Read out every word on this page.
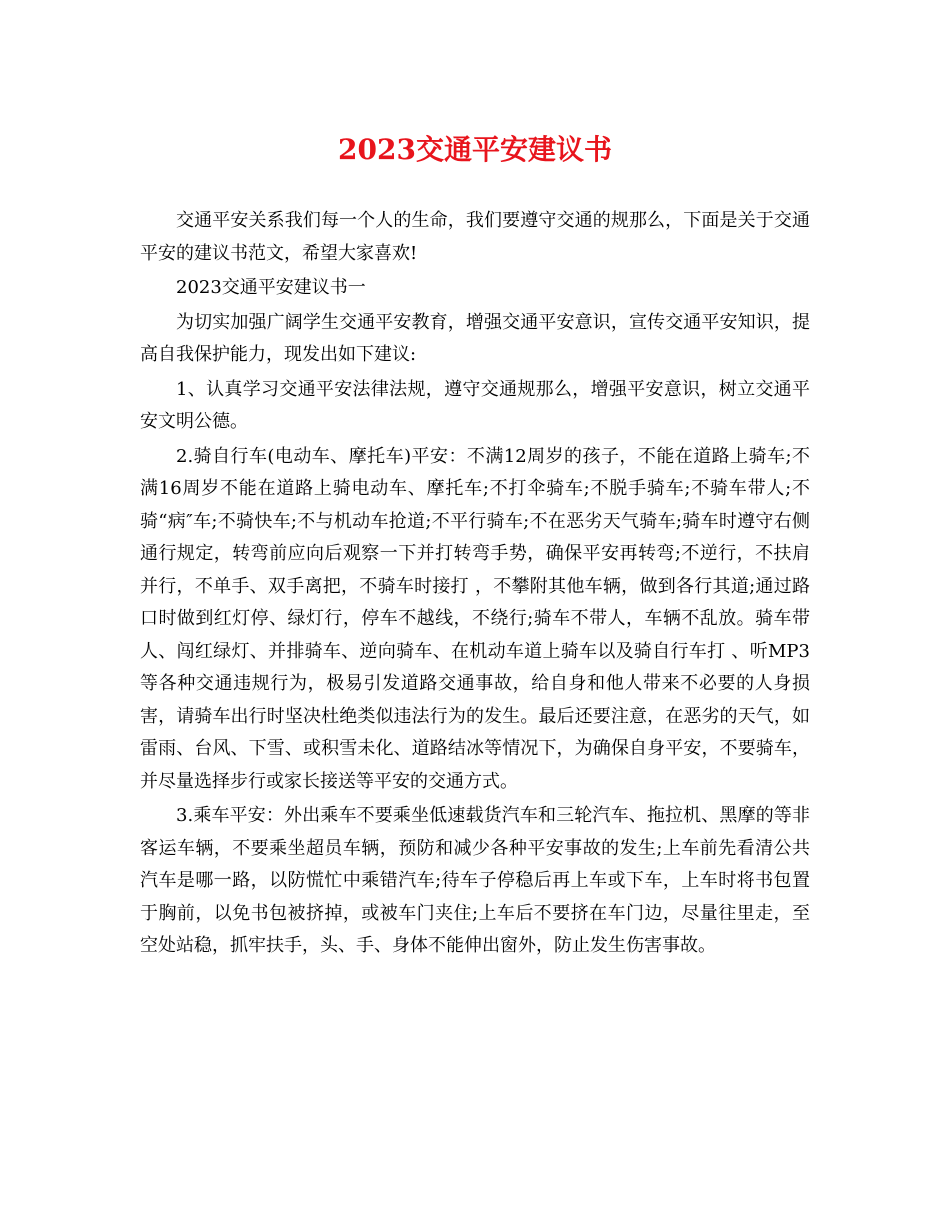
2023交通平安建议书

交通平安关系我们每一个人的生命，我们要遵守交通的规那么，下面是关于交通平安的建议书范文，希望大家喜欢!

2023交通平安建议书一

为切实加强广阔学生交通平安教育，增强交通平安意识，宣传交通平安知识，提高自我保护能力，现发出如下建议:

1、认真学习交通平安法律法规，遵守交通规那么，增强平安意识，树立交通平安文明公德。

2.骑自行车(电动车、摩托车)平安：不满12周岁的孩子，不能在道路上骑车;不满16周岁不能在道路上骑电动车、摩托车;不打伞骑车;不脱手骑车;不骑车带人;不骑“病″车;不骑快车;不与机动车抢道;不平行骑车;不在恶劣天气骑车;骑车时遵守右侧通行规定，转弯前应向后观察一下并打转弯手势，确保平安再转弯;不逆行，不扶肩并行，不单手、双手离把，不骑车时接打 ，不攀附其他车辆，做到各行其道;通过路口时做到红灯停、绿灯行，停车不越线，不绕行;骑车不带人，车辆不乱放。骑车带人、闯红绿灯、并排骑车、逆向骑车、在机动车道上骑车以及骑自行车打 、听MP3等各种交通违规行为，极易引发道路交通事故，给自身和他人带来不必要的人身损害，请骑车出行时坚决杜绝类似违法行为的发生。最后还要注意，在恶劣的天气，如雷雨、台风、下雪、或积雪未化、道路结冰等情况下，为确保自身平安，不要骑车，并尽量选择步行或家长接送等平安的交通方式。

3.乘车平安：外出乘车不要乘坐低速载货汽车和三轮汽车、拖拉机、黑摩的等非客运车辆，不要乘坐超员车辆，预防和减少各种平安事故的发生;上车前先看清公共汽车是哪一路，以防慌忙中乘错汽车;待车子停稳后再上车或下车，上车时将书包置于胸前，以免书包被挤掉，或被车门夹住;上车后不要挤在车门边，尽量往里走，至空处站稳，抓牢扶手，头、手、身体不能伸出窗外，防止发生伤害事故。
